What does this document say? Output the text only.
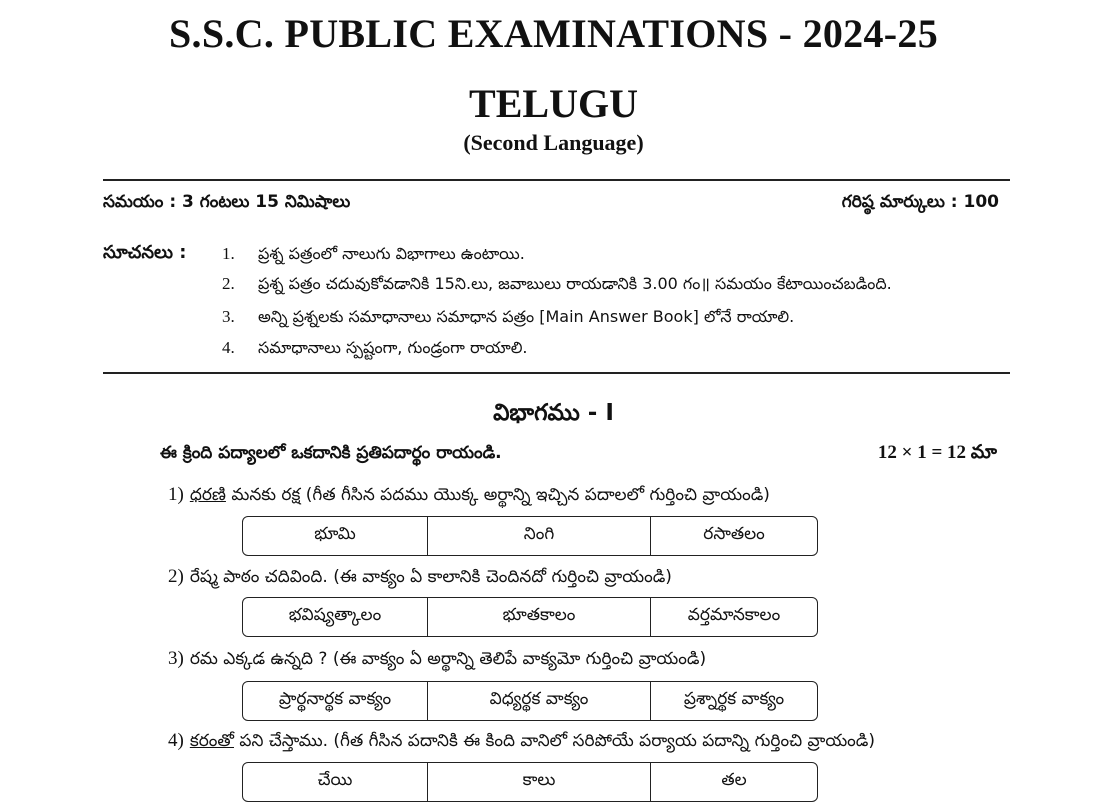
S.S.C. PUBLIC EXAMINATIONS - 2024-25
TELUGU
(Second Language)
సమయం : 3 గంటలు 15 నిమిషాలు	గరిష్ఠ మార్కులు : 100
సూచనలు : 1. ప్రశ్న పత్రంలో నాలుగు విభాగాలు ఉంటాయి.
2. ప్రశ్న పత్రం చదువుకోవడానికి 15ని.లు, జవాబులు రాయడానికి 3.00 గం॥ సమయం కేటాయించబడింది.
3. అన్ని ప్రశ్నలకు సమాధానాలు సమాధాన పత్రం [Main Answer Book] లోనే రాయాలి.
4. సమాధానాలు స్పష్టంగా, గుండ్రంగా రాయాలి.
విభాగము - I
ఈ క్రింది పద్యాలలో ఒకదానికి ప్రతిపదార్థం రాయండి.	12 × 1 = 12 మా
1) ధరణి మనకు రక్ష (గీత గీసిన పదము యొక్క అర్థాన్ని ఇచ్చిన పదాలలో గుర్తించి వ్రాయండి)
భూమి	నింగి	రసాతలం
2) రేష్మ పాఠం చదివింది. (ఈ వాక్యం ఏ కాలానికి చెందినదో గుర్తించి వ్రాయండి)
భవిష్యత్కాలం	భూతకాలం	వర్తమానకాలం
3) రమ ఎక్కడ ఉన్నది ? (ఈ వాక్యం ఏ అర్థాన్ని తెలిపే వాక్యమో గుర్తించి వ్రాయండి)
ప్రార్థనార్థక వాక్యం	విధ్యర్థక వాక్యం	ప్రశ్నార్థక వాక్యం
4) కరంతో పని చేస్తాము. (గీత గీసిన పదానికి ఈ కింది వానిలో సరిపోయే పర్యాయ పదాన్ని గుర్తించి వ్రాయండి)
చేయి	కాలు	తల
